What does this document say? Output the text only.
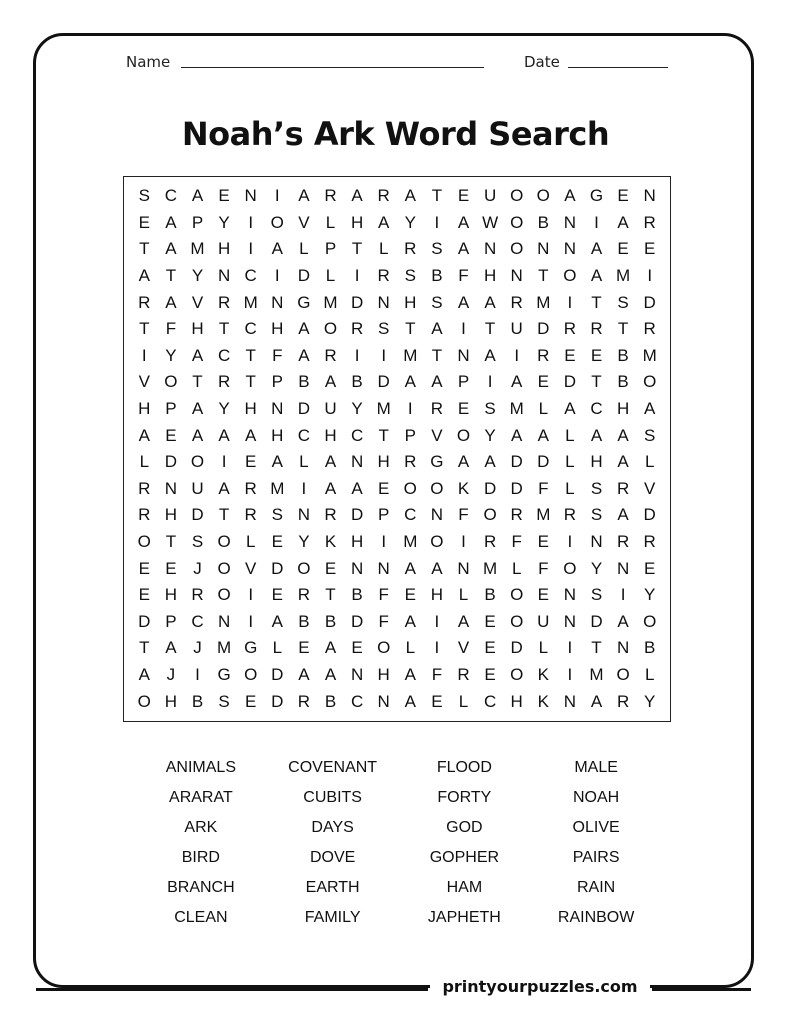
Name	Date
Noah’s Ark Word Search
S C A E N	I	A R A R A T E U O O A G E N
E A P Y	I	O V L H A Y	I	A W O B N	I	A R
T A M H	I	A L P T L R S A N O N N A E E
A T Y N C	I	D L	I	R S B F H N T O A M	I
R A V R M N G M D N H S A A R M	I	T S D
T F H T C H A O R S T A	I	T U D R R T R
I	Y A C T F A R	I	I	M T N A	I	R E E B M
V O T R T P B A B D A A P	I	A E D T B O
H P A Y H N D U Y M	I	R E S M L A C H A
A E A A A H C H C T P V O Y A A L A A S
L D O	I	E A L A N H R G A A D D L H A L
R N U A R M	I	A A E O O K D D F L S R V
R H D T R S N R D P C N F O R M R S A D
O T S O L E Y K H	I	M O	I	R F E	I	N R R
E E J O V D O E N N A A N M L F O Y N E
E H R O	I	E R T B F E H L B O E N S	I	Y
D P C N	I	A B B D F A	I	A E O U N D A O
T A J M G L E A E O L	I	V E D L	I	T N B
A J	I	G O D A A N H A F R E O K	I	M O L
O H B S E D R B C N A E L C H K N A R Y
ANIMALS	COVENANT	FLOOD	MALE
ARARAT	CUBITS	FORTY	NOAH
ARK	DAYS	GOD	OLIVE
BIRD	DOVE	GOPHER	PAIRS
BRANCH	EARTH	HAM	RAIN
CLEAN	FAMILY	JAPHETH	RAINBOW
printyourpuzzles.com
